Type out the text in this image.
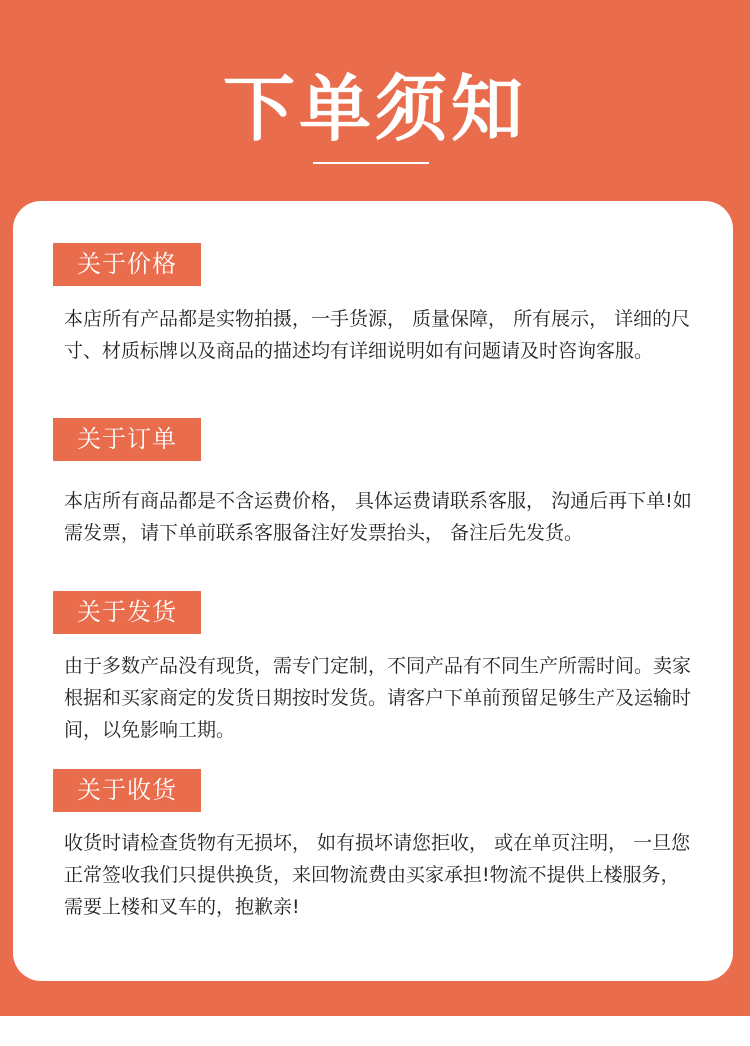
下单须知
关于价格

本店所有产品都是实物拍摄，一手货源， 质量保障， 所有展示， 详细的尺寸、材质标牌以及商品的描述均有详细说明如有问题请及时咨询客服。

关于订单

本店所有商品都是不含运费价格， 具体运费请联系客服， 沟通后再下单!如需发票，请下单前联系客服备注好发票抬头， 备注后先发货。

关于发货

由于多数产品没有现货，需专门定制，不同产品有不同生产所需时间。卖家根据和买家商定的发货日期按时发货。请客户下单前预留足够生产及运输时间，以免影响工期。

关于收货

收货时请检查货物有无损坏， 如有损坏请您拒收， 或在单页注明， 一旦您正常签收我们只提供换货，来回物流费由买家承担!物流不提供上楼服务，需要上楼和叉车的，抱歉亲!
